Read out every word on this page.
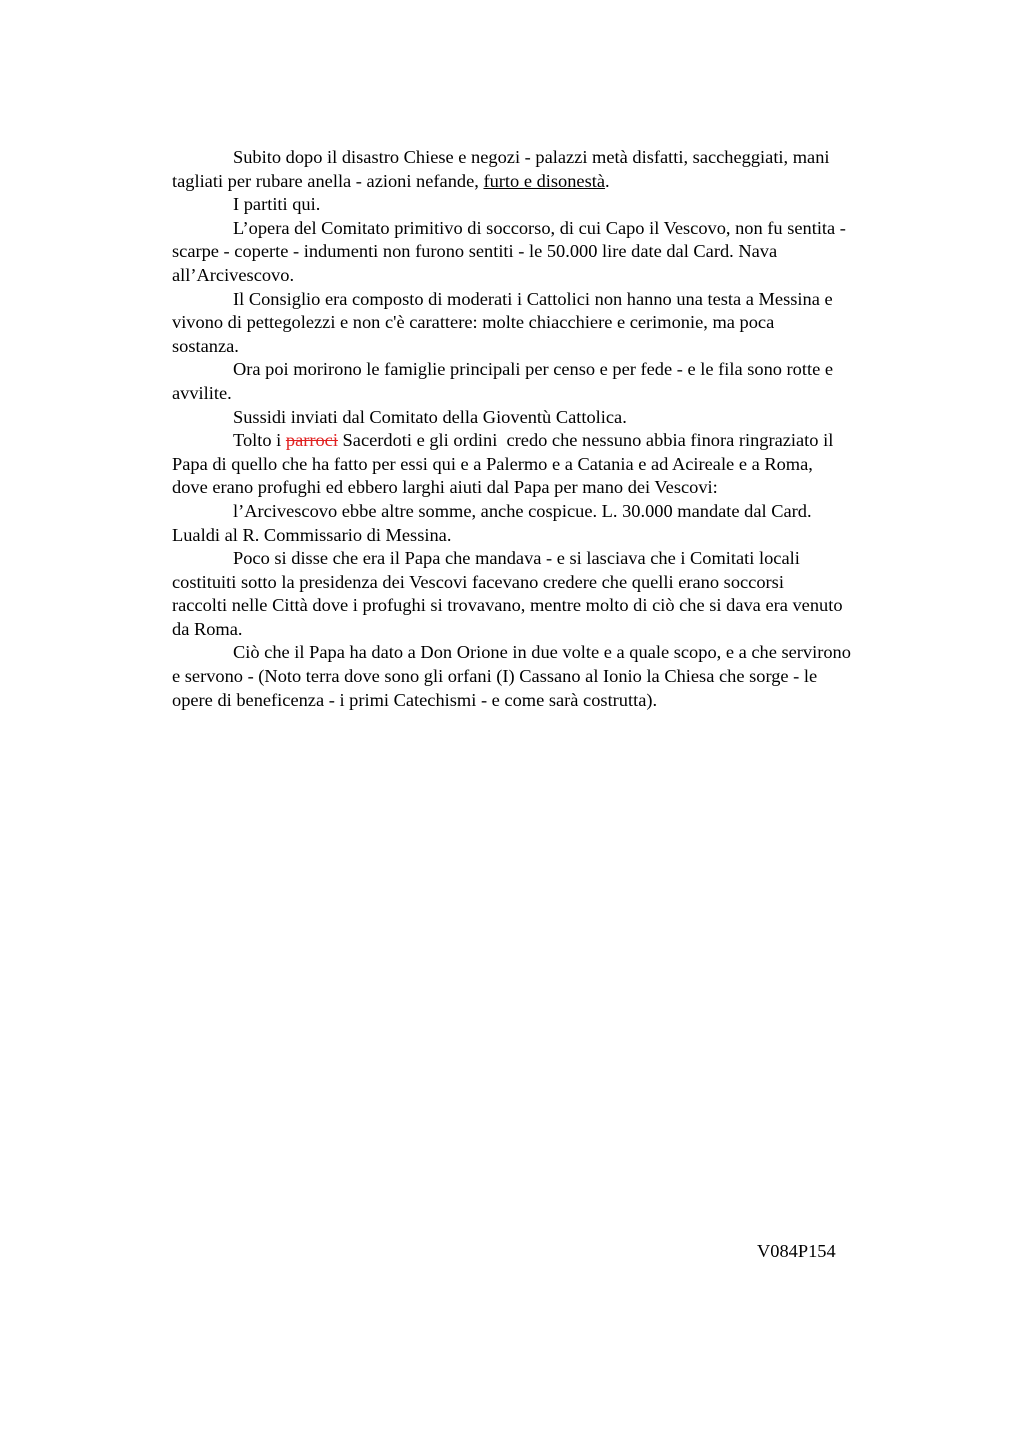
Subito dopo il disastro Chiese e negozi - palazzi metà disfatti, saccheggiati, mani
tagliati per rubare anella - azioni nefande, furto e disonestà.

I partiti qui.

L’opera del Comitato primitivo di soccorso, di cui Capo il Vescovo, non fu sentita -
scarpe - coperte - indumenti non furono sentiti - le 50.000 lire date dal Card. Nava
all’Arcivescovo.

Il Consiglio era composto di moderati i Cattolici non hanno una testa a Messina e
vivono di pettegolezzi e non c'è carattere: molte chiacchiere e cerimonie, ma poca
sostanza.

Ora poi morirono le famiglie principali per censo e per fede - e le fila sono rotte e
avvilite.

Sussidi inviati dal Comitato della Gioventù Cattolica.

Tolto i parroci Sacerdoti e gli ordini  credo che nessuno abbia finora ringraziato il
Papa di quello che ha fatto per essi qui e a Palermo e a Catania e ad Acireale e a Roma,
dove erano profughi ed ebbero larghi aiuti dal Papa per mano dei Vescovi:

l’Arcivescovo ebbe altre somme, anche cospicue. L. 30.000 mandate dal Card.
Lualdi al R. Commissario di Messina.

Poco si disse che era il Papa che mandava - e si lasciava che i Comitati locali
costituiti sotto la presidenza dei Vescovi facevano credere che quelli erano soccorsi
raccolti nelle Città dove i profughi si trovavano, mentre molto di ciò che si dava era venuto
da Roma.

Ciò che il Papa ha dato a Don Orione in due volte e a quale scopo, e a che servirono
e servono - (Noto terra dove sono gli orfani (I) Cassano al Ionio la Chiesa che sorge - le
opere di beneficenza - i primi Catechismi - e come sarà costrutta).

V084P154
